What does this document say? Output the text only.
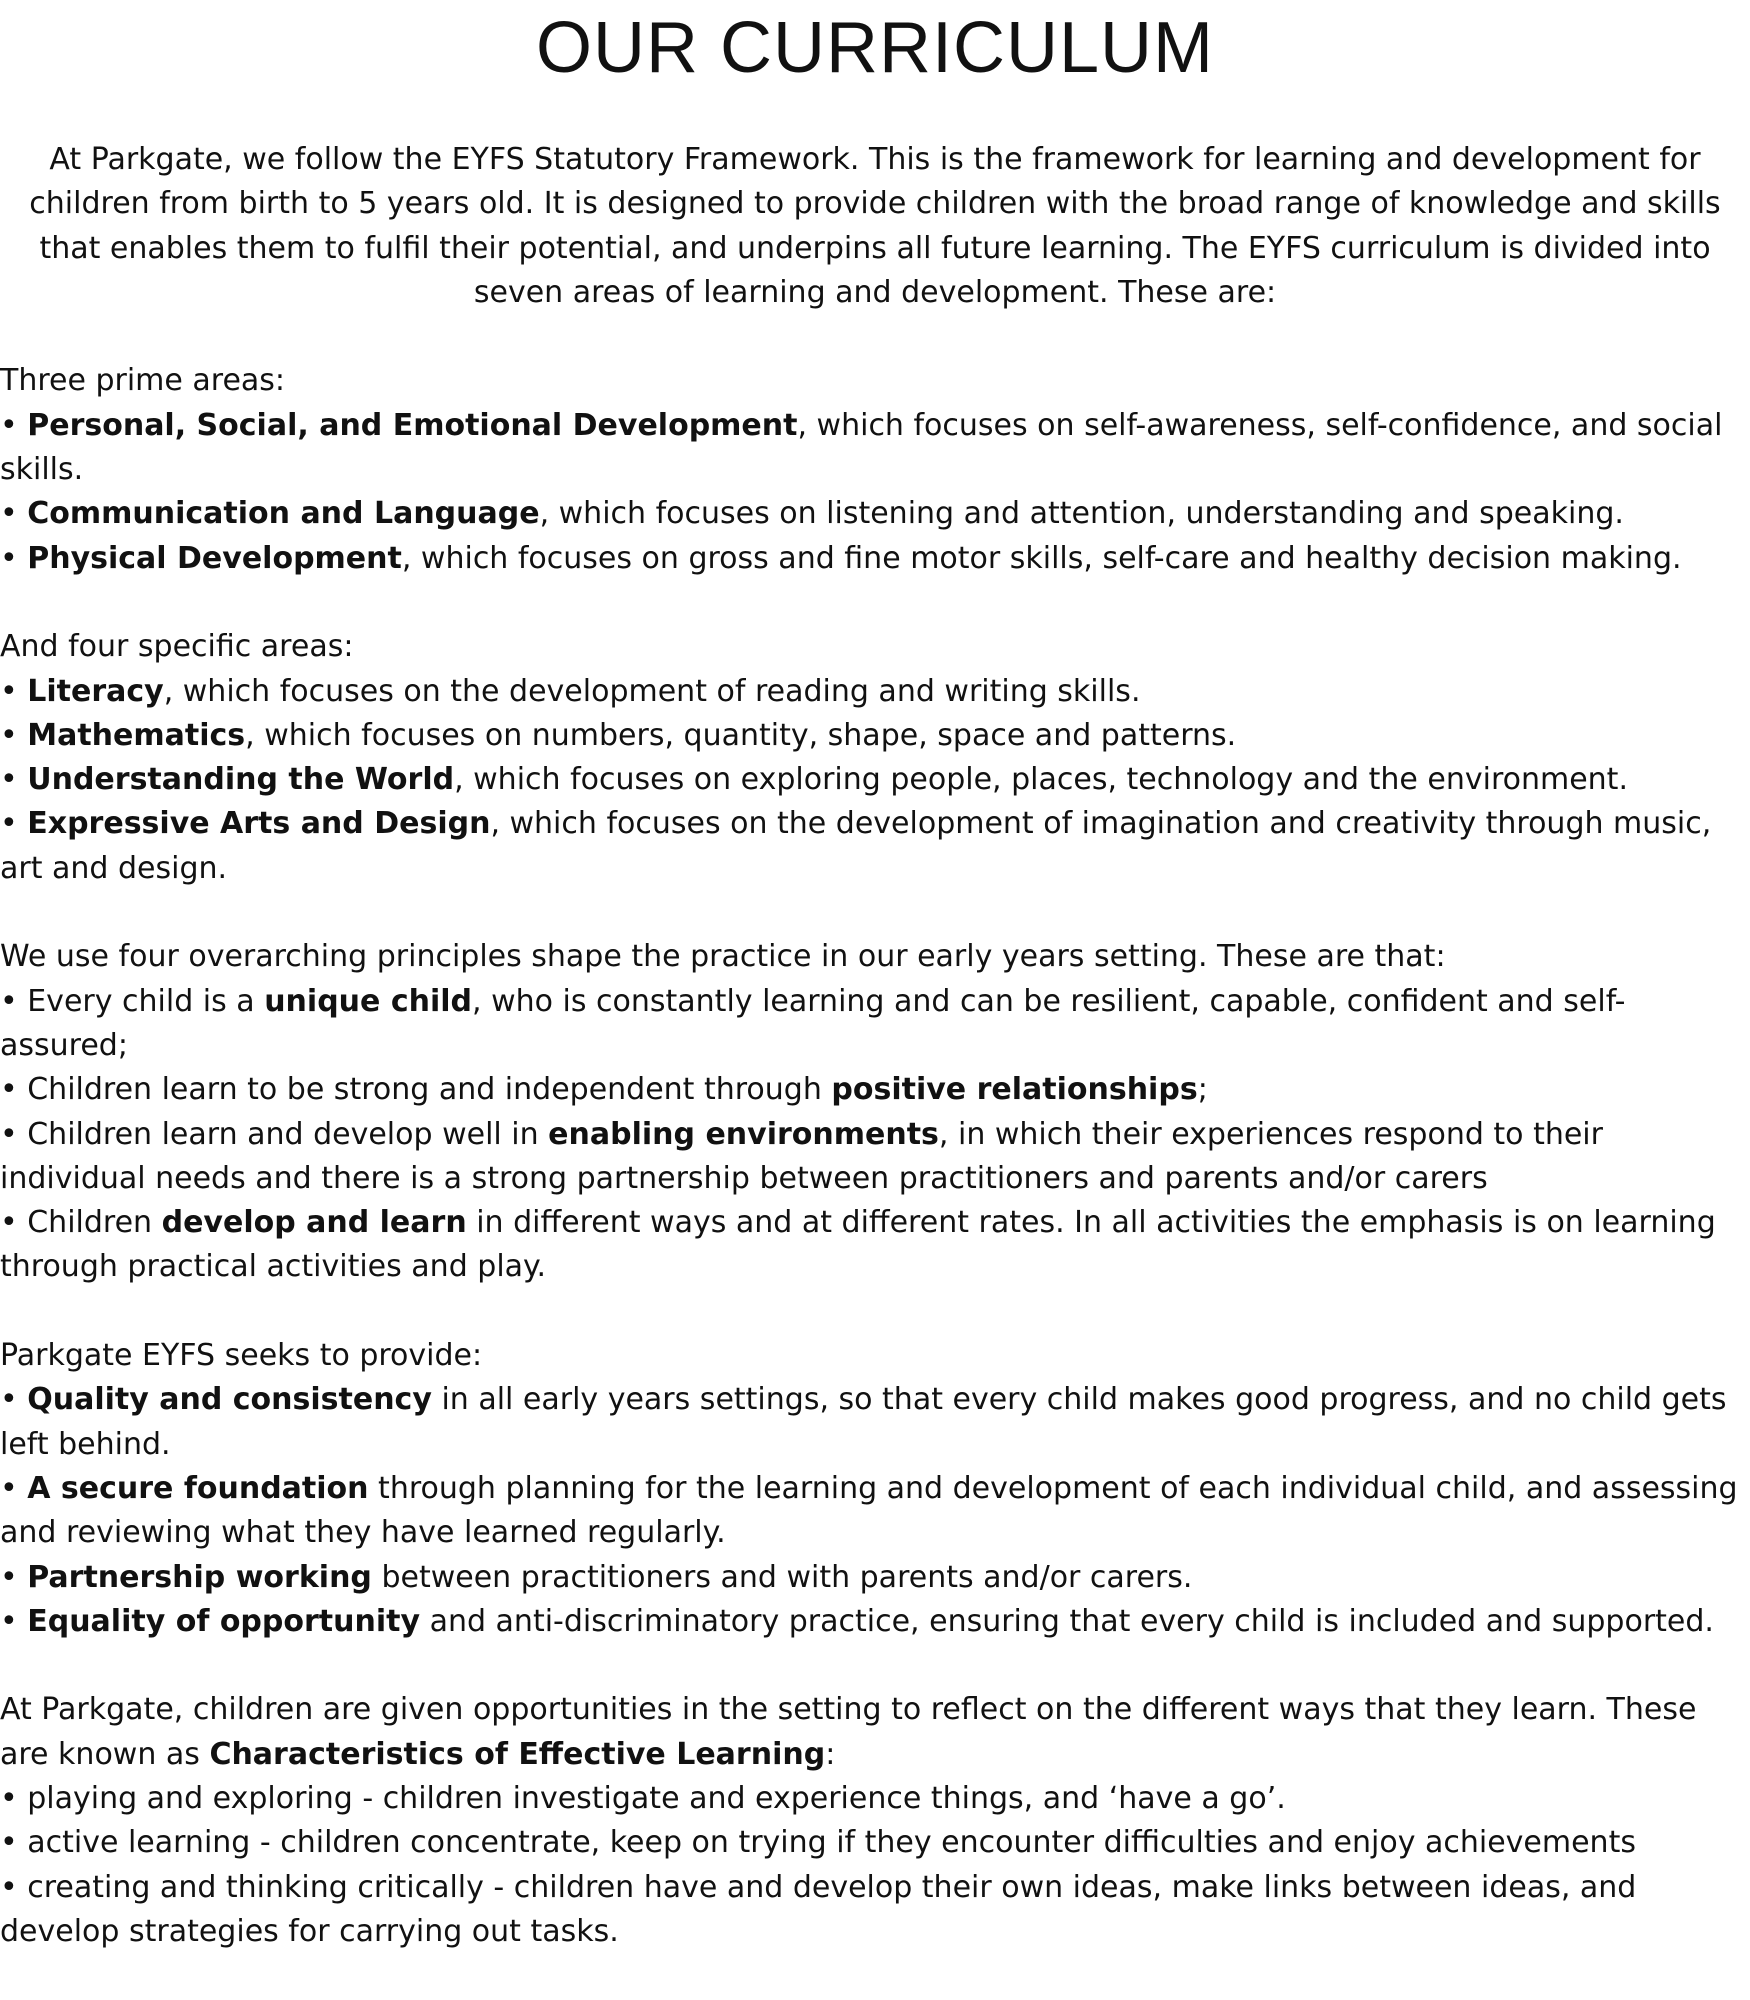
OUR CURRICULUM

At Parkgate, we follow the EYFS Statutory Framework. This is the framework for learning and development for children from birth to 5 years old. It is designed to provide children with the broad range of knowledge and skills that enables them to fulfil their potential, and underpins all future learning. The EYFS curriculum is divided into seven areas of learning and development. These are:

Three prime areas:

• Personal, Social, and Emotional Development, which focuses on self-awareness, self-confidence, and social skills.

• Communication and Language, which focuses on listening and attention, understanding and speaking.

• Physical Development, which focuses on gross and fine motor skills, self-care and healthy decision making.

And four specific areas:

• Literacy, which focuses on the development of reading and writing skills.

• Mathematics, which focuses on numbers, quantity, shape, space and patterns.

• Understanding the World, which focuses on exploring people, places, technology and the environment.

• Expressive Arts and Design, which focuses on the development of imagination and creativity through music, art and design.

We use four overarching principles shape the practice in our early years setting. These are that:

• Every child is a unique child, who is constantly learning and can be resilient, capable, confident and self-assured;

• Children learn to be strong and independent through positive relationships;

• Children learn and develop well in enabling environments, in which their experiences respond to their individual needs and there is a strong partnership between practitioners and parents and/or carers

• Children develop and learn in different ways and at different rates. In all activities the emphasis is on learning through practical activities and play.

Parkgate EYFS seeks to provide:

• Quality and consistency in all early years settings, so that every child makes good progress, and no child gets left behind.

• A secure foundation through planning for the learning and development of each individual child, and assessing and reviewing what they have learned regularly.

• Partnership working between practitioners and with parents and/or carers.

• Equality of opportunity and anti-discriminatory practice, ensuring that every child is included and supported.

At Parkgate, children are given opportunities in the setting to reflect on the different ways that they learn. These are known as Characteristics of Effective Learning:

• playing and exploring - children investigate and experience things, and ‘have a go’.

• active learning - children concentrate, keep on trying if they encounter difficulties and enjoy achievements

• creating and thinking critically - children have and develop their own ideas, make links between ideas, and develop strategies for carrying out tasks.
